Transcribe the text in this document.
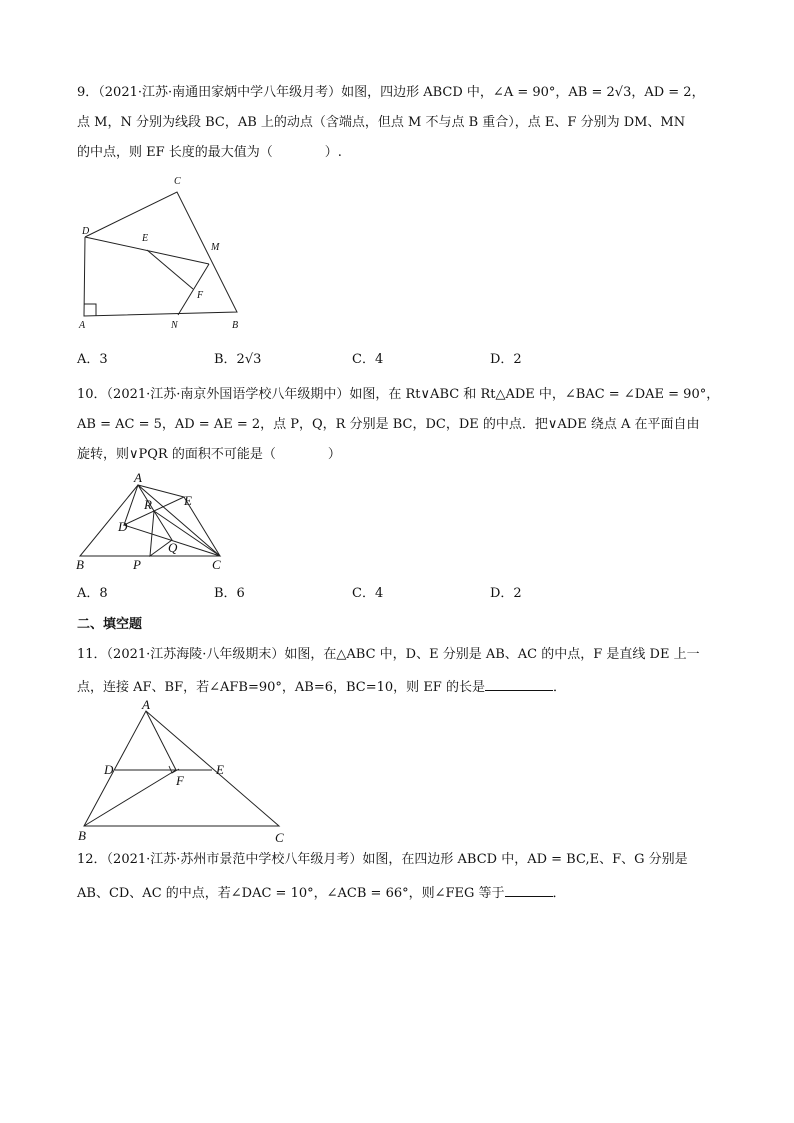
9．（2021·江苏·南通田家炳中学八年级月考）如图，四边形 ABCD 中，∠A = 90°，AB = 2√3，AD = 2，
点 M，N 分别为线段 BC，AB 上的动点（含端点，但点 M 不与点 B 重合），点 E、F 分别为 DM、MN
的中点，则 EF 长度的最大值为（　　　　）.
C
D
E
M
F
A	N	B
A．3	B．2√3	C．4	D．2
10．（2021·江苏·南京外国语学校八年级期中）如图，在 Rt∨ABC 和 Rt△ADE 中，∠BAC = ∠DAE = 90°，
AB = AC = 5，AD = AE = 2，点 P，Q，R 分别是 BC，DC，DE 的中点．把∨ADE 绕点 A 在平面自由
旋转，则∨PQR 的面积不可能是（　　　　）
A
E
R
D
Q
B	P	C
A．8	B．6	C．4	D．2
二、填空题
11．（2021·江苏海陵·八年级期末）如图，在△ABC 中，D、E 分别是 AB、AC 的中点，F 是直线 DE 上一
点，连接 AF、BF，若∠AFB=90°，AB=6，BC=10，则 EF 的长是	．
A
D	E
F
B	C
12．（2021·江苏·苏州市景范中学校八年级月考）如图，在四边形 ABCD 中，AD = BC,E、F、G 分别是
AB、CD、AC 的中点，若∠DAC = 10°，∠ACB = 66°，则∠FEG 等于	．
